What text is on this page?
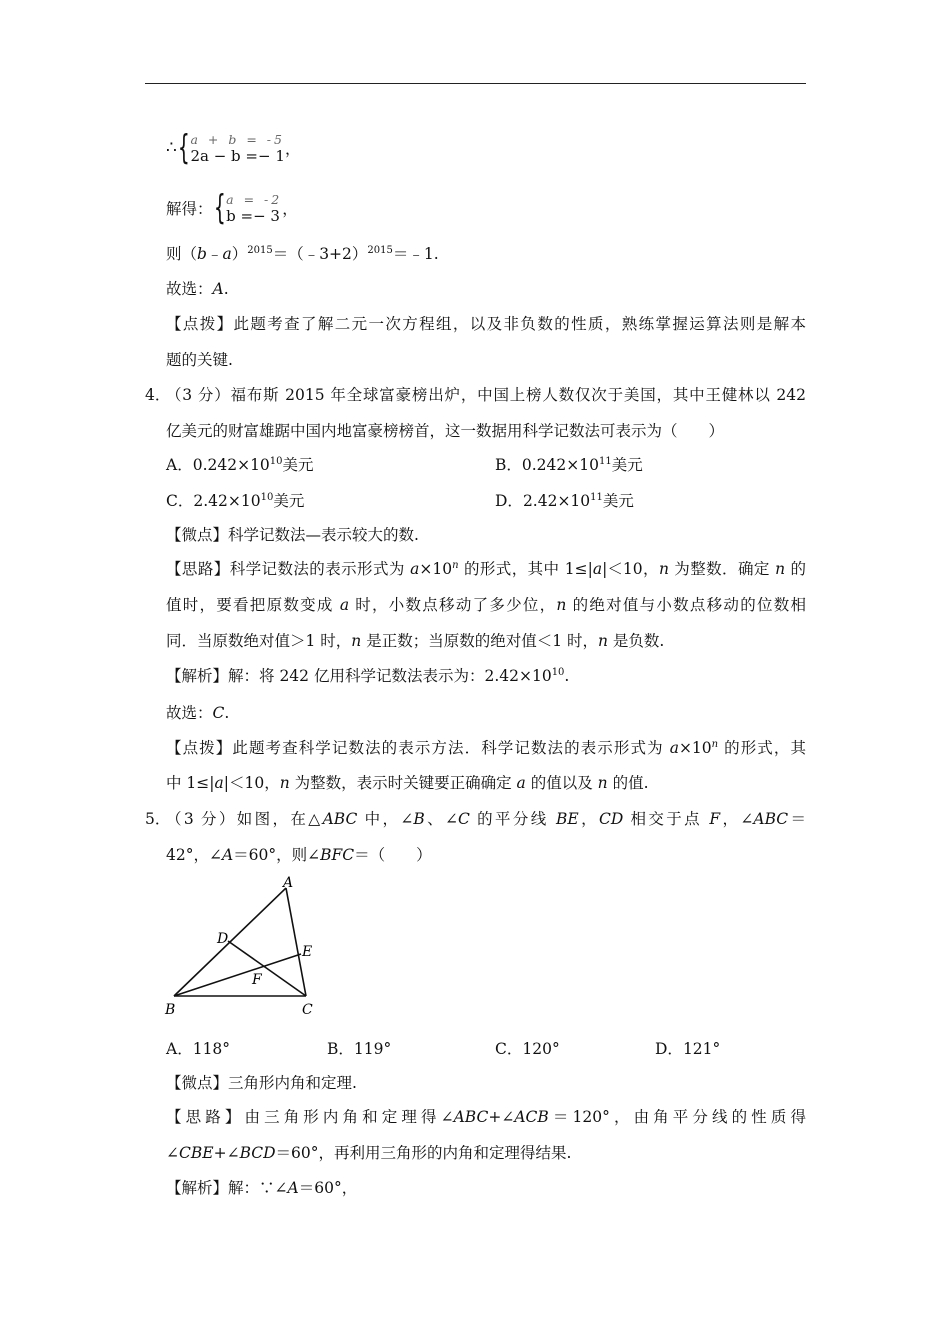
∴ { a + b = -5
2a − b =− 1 ，
解得： { a = -2
b =− 3 ，
则（b﹣a）$^{2015}$＝（﹣3+2）$^{2015}$＝﹣1.
故选：A.
【点拨】此题考查了解二元一次方程组，以及非负数的性质，熟练掌握运算法则是解本
题的关键.
4．
（3 分）福布斯 2015 年全球富豪榜出炉，中国上榜人数仅次于美国，其中王健林以 242
亿美元的财富雄踞中国内地富豪榜榜首，这一数据用科学记数法可表示为（　　）
A．$0.242\times 10^{10}$美元	B．$0.242\times 10^{11}$美元
C．$2.42\times 10^{10}$美元	D．$2.42\times 10^{11}$美元
【微点】科学记数法—表示较大的数.
【思路】科学记数法的表示形式为 $a\times 10^n$ 的形式，其中 1≤|a|＜10，n 为整数．确定 n 的
值时，要看把原数变成 a 时，小数点移动了多少位，n 的绝对值与小数点移动的位数相
同．当原数绝对值＞1 时，n 是正数；当原数的绝对值＜1 时，n 是负数.
【解析】解：将 242 亿用科学记数法表示为：$2.42\times 10^{10}$.
故选：C.
【点拨】此题考查科学记数法的表示方法．科学记数法的表示形式为 $a\times 10^n$ 的形式，其
中 1≤|a|＜10，n 为整数，表示时关键要正确确定 a 的值以及 n 的值.
5．
（3 分）如图，在△ABC 中，∠B、∠C 的平分线 BE，CD 相交于点 F，∠ABC＝
42°，∠A＝60°，则∠BFC＝（　　）
A
D
E
F
B	C
A．118°	B．119°	C．120°	D．121°
【微点】三角形内角和定理.
【思路】由三角形内角和定理得∠ABC+∠ACB＝120°，由角平分线的性质得
∠CBE+∠BCD＝60°，再利用三角形的内角和定理得结果.
【解析】解：∵∠A＝60°，
